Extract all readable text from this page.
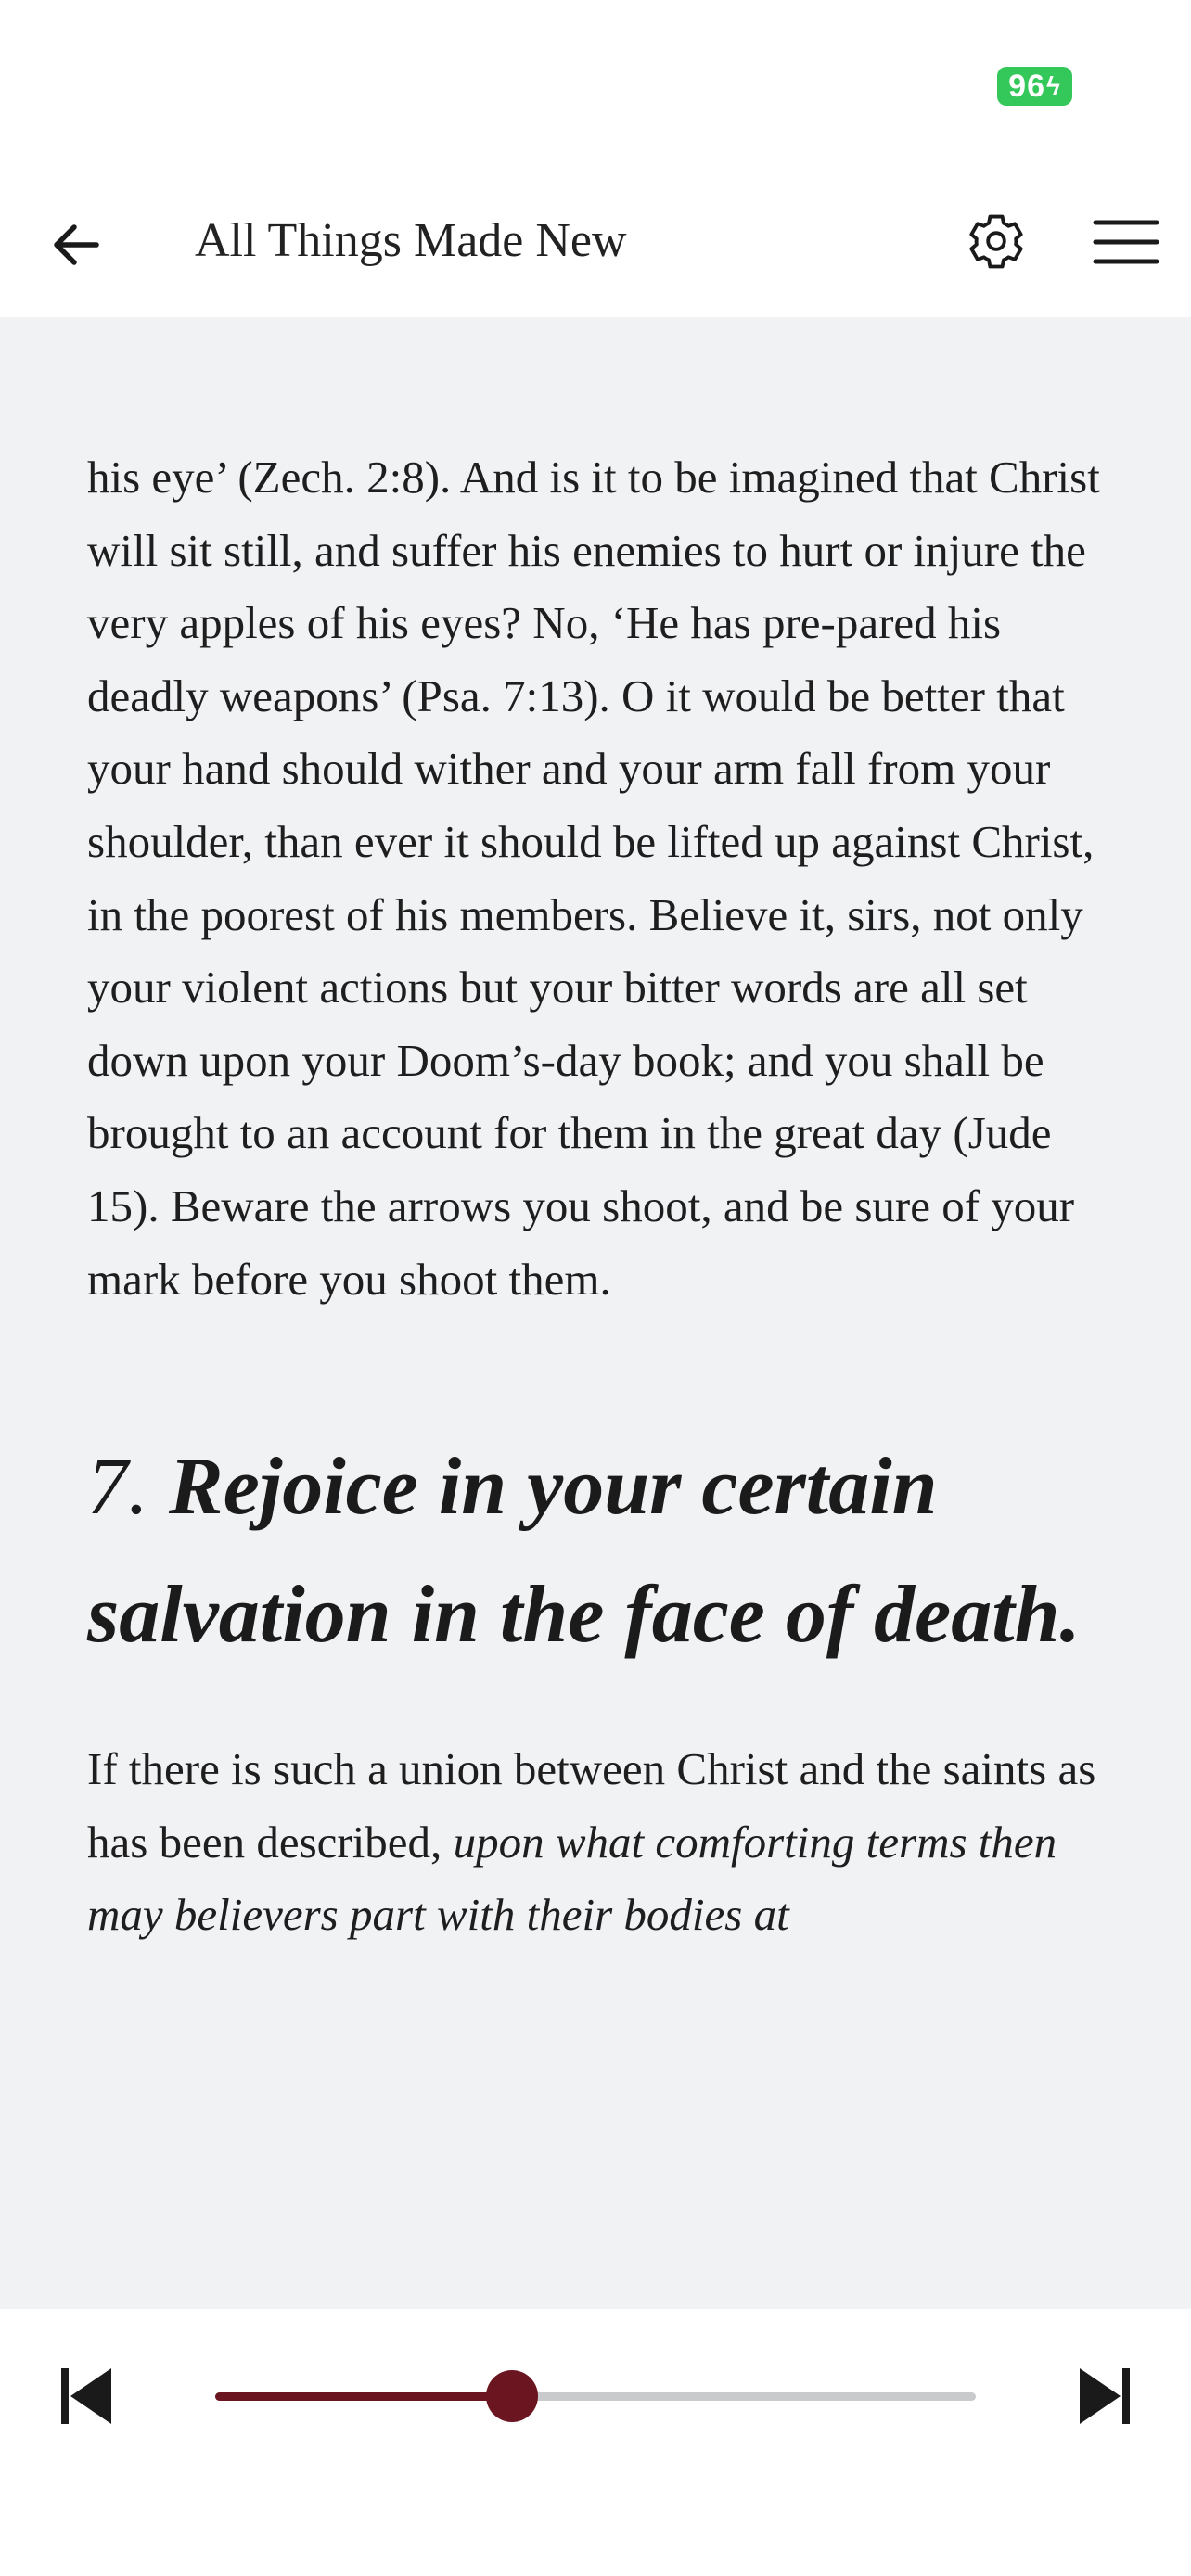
96 ϟ
All Things Made New

his eye’ (Zech. 2:8). And is it to be imagined that Christ will sit still, and suffer his enemies to hurt or injure the very apples of his eyes? No, ‘He has pre-pared his deadly weapons’ (Psa. 7:13). O it would be better that your hand should wither and your arm fall from your shoulder, than ever it should be lifted up against Christ, in the poorest of his members. Believe it, sirs, not only your violent actions but your bitter words are all set down upon your Doom’s-day book; and you shall be brought to an account for them in the great day (Jude 15). Beware the arrows you shoot, and be sure of your mark before you shoot them.

7. Rejoice in your certain salvation in the face of death.

If there is such a union between Christ and the saints as has been described, upon what comforting terms then may believers part with their bodies at
